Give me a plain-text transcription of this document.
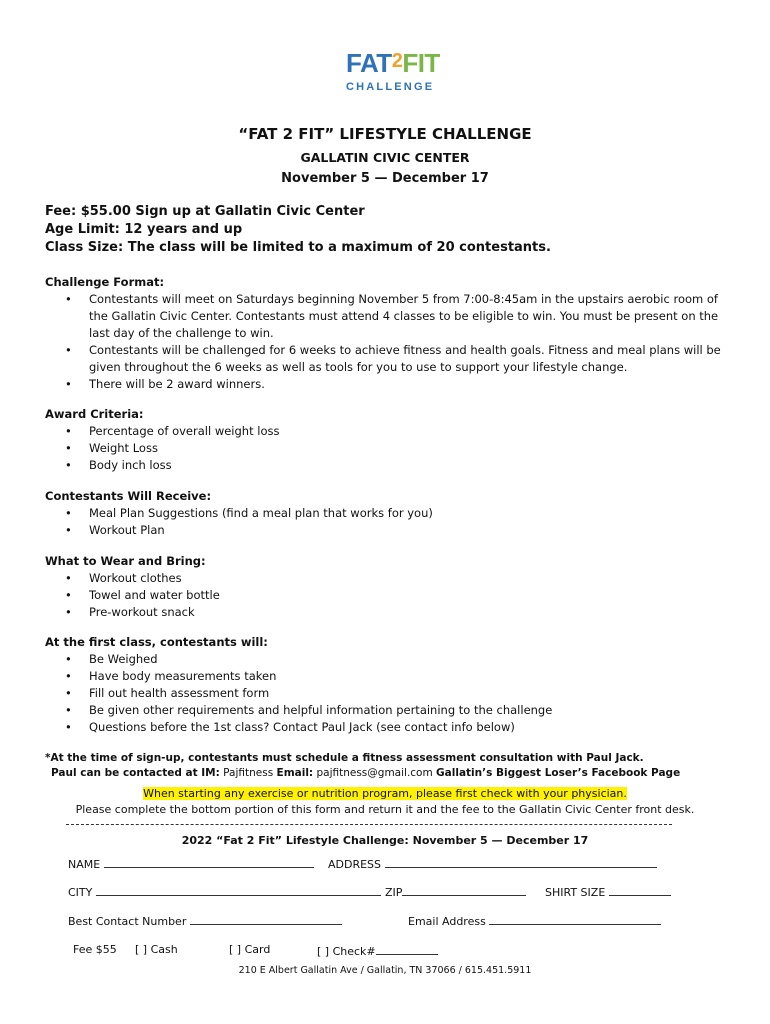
FAT2FIT
CHALLENGE
“FAT 2 FIT” LIFESTYLE CHALLENGE
GALLATIN CIVIC CENTER
November 5 — December 17
Fee: $55.00 Sign up at Gallatin Civic Center
Age Limit: 12 years and up
Class Size: The class will be limited to a maximum of 20 contestants.
Challenge Format:
• Contestants will meet on Saturdays beginning November 5 from 7:00-8:45am in the upstairs aerobic room of the Gallatin Civic Center. Contestants must attend 4 classes to be eligible to win. You must be present on the last day of the challenge to win.
• Contestants will be challenged for 6 weeks to achieve fitness and health goals. Fitness and meal plans will be given throughout the 6 weeks as well as tools for you to use to support your lifestyle change.
• There will be 2 award winners.
Award Criteria:
• Percentage of overall weight loss
• Weight Loss
• Body inch loss
Contestants Will Receive:
• Meal Plan Suggestions (find a meal plan that works for you)
• Workout Plan
What to Wear and Bring:
• Workout clothes
• Towel and water bottle
• Pre-workout snack
At the first class, contestants will:
• Be Weighed
• Have body measurements taken
• Fill out health assessment form
• Be given other requirements and helpful information pertaining to the challenge
• Questions before the 1st class? Contact Paul Jack (see contact info below)
*At the time of sign-up, contestants must schedule a fitness assessment consultation with Paul Jack.
Paul can be contacted at IM: Pajfitness Email: pajfitness@gmail.com Gallatin’s Biggest Loser’s Facebook Page
When starting any exercise or nutrition program, please first check with your physician.
Please complete the bottom portion of this form and return it and the fee to the Gallatin Civic Center front desk.
2022 “Fat 2 Fit” Lifestyle Challenge: November 5 — December 17
NAME	ADDRESS
CITY	ZIP	SHIRT SIZE
Best Contact Number	Email Address
Fee $55 [ ] Cash	[ ] Card	[ ] Check#
210 E Albert Gallatin Ave / Gallatin, TN 37066 / 615.451.5911
